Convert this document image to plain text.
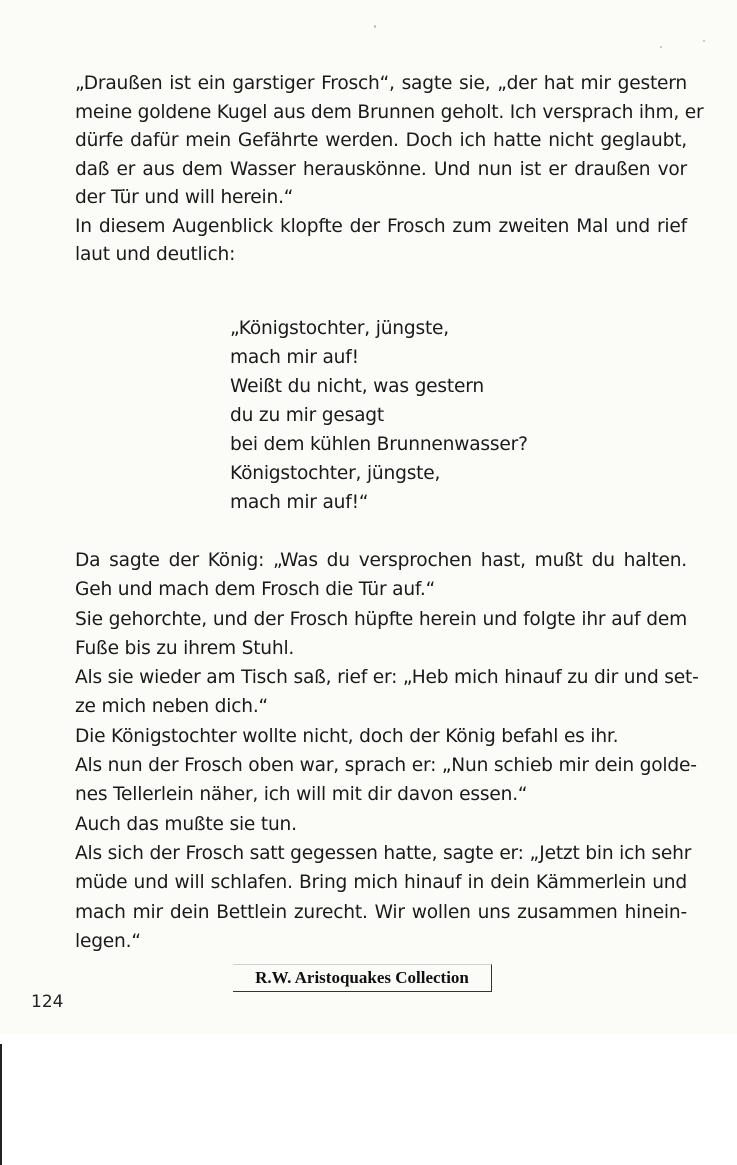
„Draußen ist ein garstiger Frosch“, sagte sie, „der hat mir gestern
meine goldene Kugel aus dem Brunnen geholt. Ich versprach ihm, er
dürfe dafür mein Gefährte werden. Doch ich hatte nicht geglaubt,
daß er aus dem Wasser herauskönne. Und nun ist er draußen vor
der Tür und will herein.“
In diesem Augenblick klopfte der Frosch zum zweiten Mal und rief
laut und deutlich:
„Königstochter, jüngste,
mach mir auf!
Weißt du nicht, was gestern
du zu mir gesagt
bei dem kühlen Brunnenwasser?
Königstochter, jüngste,
mach mir auf!“
Da sagte der König: „Was du versprochen hast, mußt du halten.
Geh und mach dem Frosch die Tür auf.“
Sie gehorchte, und der Frosch hüpfte herein und folgte ihr auf dem
Fuße bis zu ihrem Stuhl.
Als sie wieder am Tisch saß, rief er: „Heb mich hinauf zu dir und set-
ze mich neben dich.“
Die Königstochter wollte nicht, doch der König befahl es ihr.
Als nun der Frosch oben war, sprach er: „Nun schieb mir dein golde-
nes Tellerlein näher, ich will mit dir davon essen.“
Auch das mußte sie tun.
Als sich der Frosch satt gegessen hatte, sagte er: „Jetzt bin ich sehr
müde und will schlafen. Bring mich hinauf in dein Kämmerlein und
mach mir dein Bettlein zurecht. Wir wollen uns zusammen hinein-
legen.“
R.W. Aristoquakes Collection
124
